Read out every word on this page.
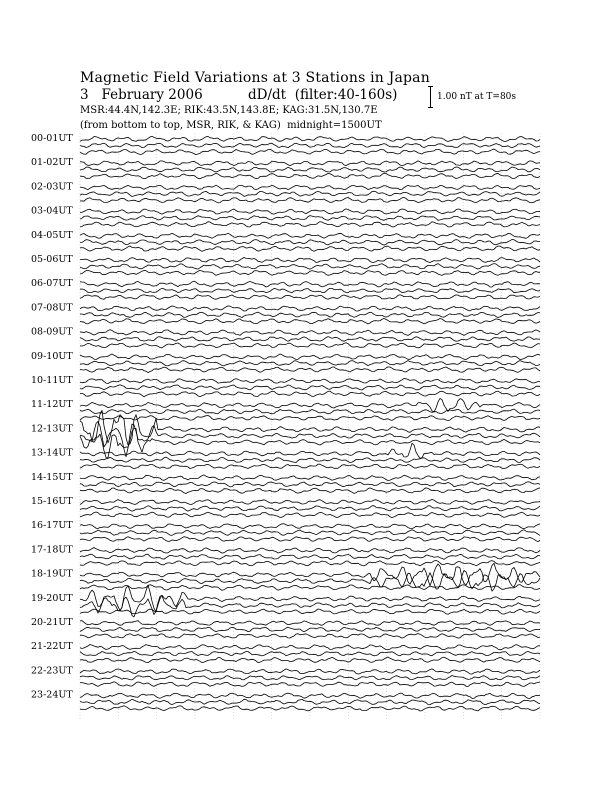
Magnetic Field Variations at 3 Stations in Japan
3 February 2006	dD/dt (filter:40-160s)
MSR:44.4N,142.3E; RIK:43.5N,143.8E; KAG:31.5N,130.7E
(from bottom to top, MSR, RIK, & KAG) midnight=1500UT
1.00 nT at T=80s
00-01UT
01-02UT
02-03UT
03-04UT
04-05UT
05-06UT
06-07UT
07-08UT
08-09UT
09-10UT
10-11UT
11-12UT
12-13UT
13-14UT
14-15UT
15-16UT
16-17UT
17-18UT
18-19UT
19-20UT
20-21UT
21-22UT
22-23UT
23-24UT
